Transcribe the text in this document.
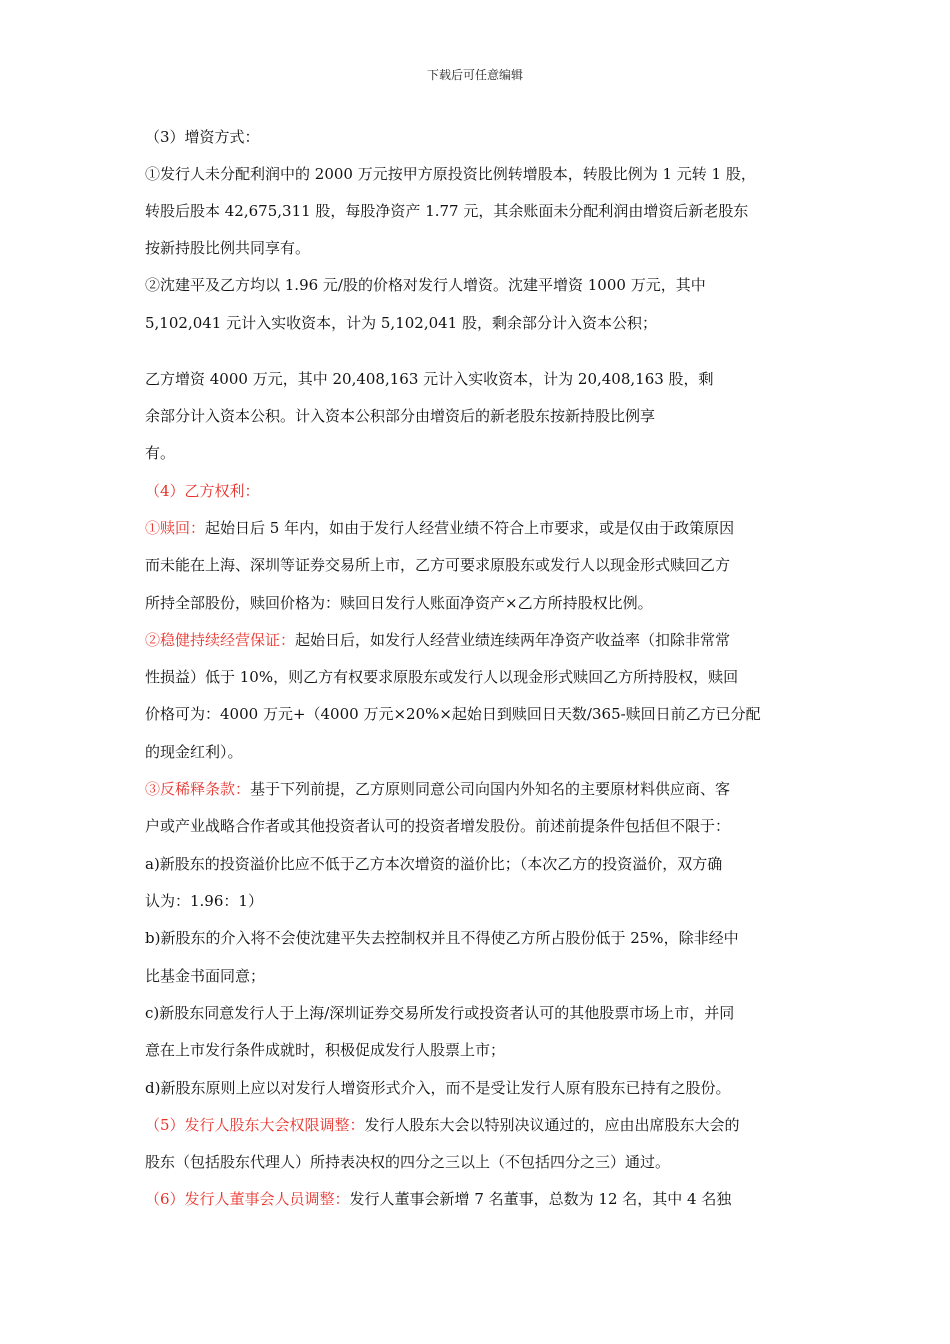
下载后可任意编辑
（3）增资方式：
①发行人未分配利润中的 2000 万元按甲方原投资比例转增股本，转股比例为 1 元转 1 股，
转股后股本 42,675,311 股，每股净资产 1.77 元，其余账面未分配利润由增资后新老股东
按新持股比例共同享有。
②沈建平及乙方均以 1.96 元/股的价格对发行人增资。沈建平增资 1000 万元，其中
5,102,041 元计入实收资本，计为 5,102,041 股，剩余部分计入资本公积；
乙方增资 4000 万元，其中 20,408,163 元计入实收资本，计为 20,408,163 股，剩
余部分计入资本公积。计入资本公积部分由增资后的新老股东按新持股比例享
有。
（4）乙方权利：
①赎回：起始日后 5 年内，如由于发行人经营业绩不符合上市要求，或是仅由于政策原因
而未能在上海、深圳等证券交易所上市，乙方可要求原股东或发行人以现金形式赎回乙方
所持全部股份，赎回价格为：赎回日发行人账面净资产×乙方所持股权比例。
②稳健持续经营保证：起始日后，如发行人经营业绩连续两年净资产收益率（扣除非常常
性损益）低于 10%，则乙方有权要求原股东或发行人以现金形式赎回乙方所持股权，赎回
价格可为：4000 万元+（4000 万元×20%×起始日到赎回日天数/365-赎回日前乙方已分配
的现金红利）。
③反稀释条款：基于下列前提，乙方原则同意公司向国内外知名的主要原材料供应商、客
户或产业战略合作者或其他投资者认可的投资者增发股份。前述前提条件包括但不限于：
a)新股东的投资溢价比应不低于乙方本次增资的溢价比；（本次乙方的投资溢价，双方确
认为：1.96：1）
b)新股东的介入将不会使沈建平失去控制权并且不得使乙方所占股份低于 25%，除非经中
比基金书面同意；
c)新股东同意发行人于上海/深圳证券交易所发行或投资者认可的其他股票市场上市，并同
意在上市发行条件成就时，积极促成发行人股票上市；
d)新股东原则上应以对发行人增资形式介入，而不是受让发行人原有股东已持有之股份。
（5）发行人股东大会权限调整：发行人股东大会以特别决议通过的，应由出席股东大会的
股东（包括股东代理人）所持表决权的四分之三以上（不包括四分之三）通过。
（6）发行人董事会人员调整：发行人董事会新增 7 名董事，总数为 12 名，其中 4 名独
